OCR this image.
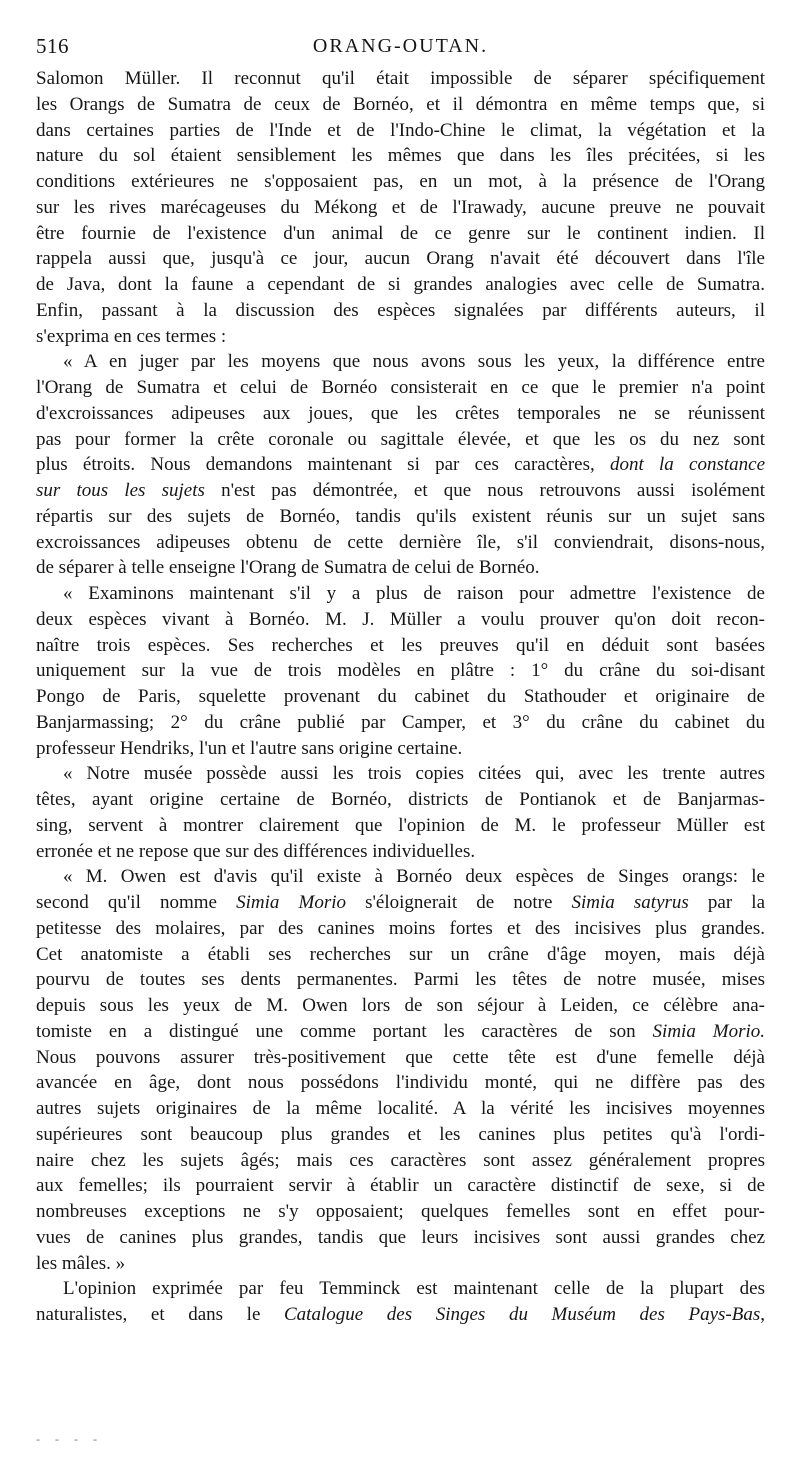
516	ORANG-OUTAN.
Salomon Müller. Il reconnut qu'il était impossible de séparer spécifiquement
les Orangs de Sumatra de ceux de Bornéo, et il démontra en même temps que, si
dans certaines parties de l'Inde et de l'Indo-Chine le climat, la végétation et la
nature du sol étaient sensiblement les mêmes que dans les îles précitées, si les
conditions extérieures ne s'opposaient pas, en un mot, à la présence de l'Orang
sur les rives marécageuses du Mékong et de l'Irawady, aucune preuve ne pouvait
être fournie de l'existence d'un animal de ce genre sur le continent indien. Il
rappela aussi que, jusqu'à ce jour, aucun Orang n'avait été découvert dans l'île
de Java, dont la faune a cependant de si grandes analogies avec celle de Sumatra.
Enfin, passant à la discussion des espèces signalées par différents auteurs, il
s'exprima en ces termes :
« A en juger par les moyens que nous avons sous les yeux, la différence entre
l'Orang de Sumatra et celui de Bornéo consisterait en ce que le premier n'a point
d'excroissances adipeuses aux joues, que les crêtes temporales ne se réunissent
pas pour former la crête coronale ou sagittale élevée, et que les os du nez sont
plus étroits. Nous demandons maintenant si par ces caractères, dont la constance
sur tous les sujets n'est pas démontrée, et que nous retrouvons aussi isolément
répartis sur des sujets de Bornéo, tandis qu'ils existent réunis sur un sujet sans
excroissances adipeuses obtenu de cette dernière île, s'il conviendrait, disons-nous,
de séparer à telle enseigne l'Orang de Sumatra de celui de Bornéo.
« Examinons maintenant s'il y a plus de raison pour admettre l'existence de
deux espèces vivant à Bornéo. M. J. Müller a voulu prouver qu'on doit recon-
naître trois espèces. Ses recherches et les preuves qu'il en déduit sont basées
uniquement sur la vue de trois modèles en plâtre : 1° du crâne du soi-disant
Pongo de Paris, squelette provenant du cabinet du Stathouder et originaire de
Banjarmassing; 2° du crâne publié par Camper, et 3° du crâne du cabinet du
professeur Hendriks, l'un et l'autre sans origine certaine.
« Notre musée possède aussi les trois copies citées qui, avec les trente autres
têtes, ayant origine certaine de Bornéo, districts de Pontianok et de Banjarmas-
sing, servent à montrer clairement que l'opinion de M. le professeur Müller est
erronée et ne repose que sur des différences individuelles.
« M. Owen est d'avis qu'il existe à Bornéo deux espèces de Singes orangs: le
second qu'il nomme Simia Morio s'éloignerait de notre Simia satyrus par la
petitesse des molaires, par des canines moins fortes et des incisives plus grandes.
Cet anatomiste a établi ses recherches sur un crâne d'âge moyen, mais déjà
pourvu de toutes ses dents permanentes. Parmi les têtes de notre musée, mises
depuis sous les yeux de M. Owen lors de son séjour à Leiden, ce célèbre ana-
tomiste en a distingué une comme portant les caractères de son Simia Morio.
Nous pouvons assurer très-positivement que cette tête est d'une femelle déjà
avancée en âge, dont nous possédons l'individu monté, qui ne diffère pas des
autres sujets originaires de la même localité. A la vérité les incisives moyennes
supérieures sont beaucoup plus grandes et les canines plus petites qu'à l'ordi-
naire chez les sujets âgés; mais ces caractères sont assez généralement propres
aux femelles; ils pourraient servir à établir un caractère distinctif de sexe, si de
nombreuses exceptions ne s'y opposaient; quelques femelles sont en effet pour-
vues de canines plus grandes, tandis que leurs incisives sont aussi grandes chez
les mâles. »
L'opinion exprimée par feu Temminck est maintenant celle de la plupart des
naturalistes, et dans le Catalogue des Singes du Muséum des Pays-Bas,
- - - -
